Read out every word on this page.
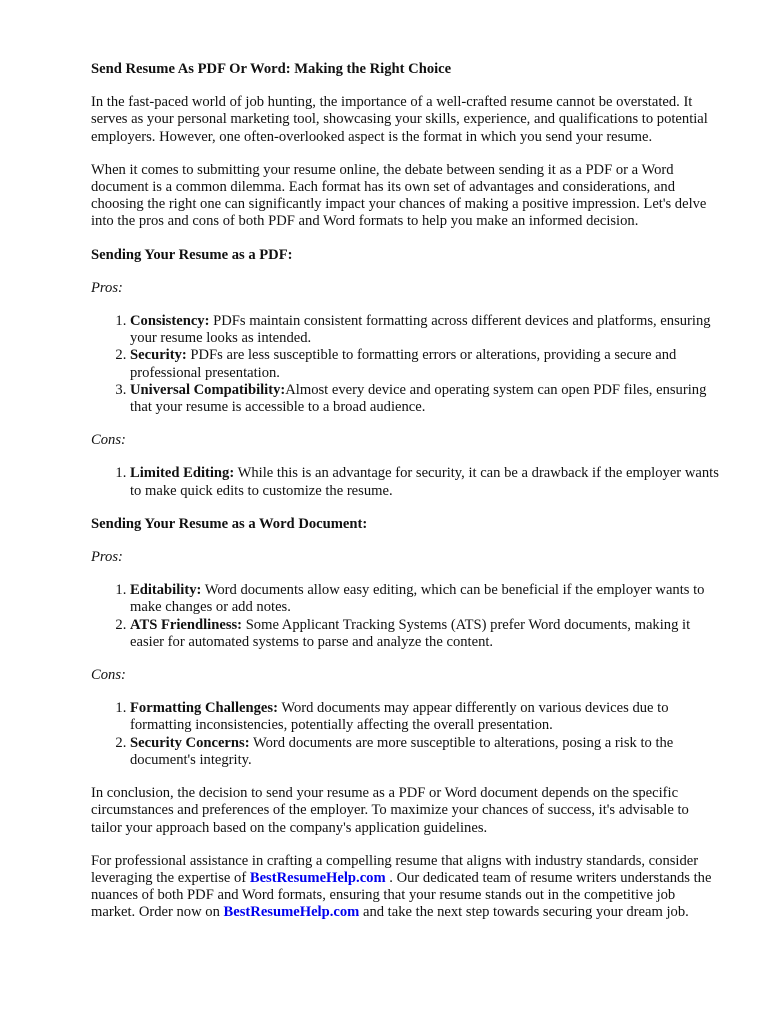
Send Resume As PDF Or Word: Making the Right Choice

In the fast-paced world of job hunting, the importance of a well-crafted resume cannot be overstated. It serves as your personal marketing tool, showcasing your skills, experience, and qualifications to potential employers. However, one often-overlooked aspect is the format in which you send your resume.

When it comes to submitting your resume online, the debate between sending it as a PDF or a Word document is a common dilemma. Each format has its own set of advantages and considerations, and choosing the right one can significantly impact your chances of making a positive impression. Let's delve into the pros and cons of both PDF and Word formats to help you make an informed decision.

Sending Your Resume as a PDF:
Pros:
1. Consistency: PDFs maintain consistent formatting across different devices and platforms, ensuring your resume looks as intended.
2. Security: PDFs are less susceptible to formatting errors or alterations, providing a secure and professional presentation.
3. Universal Compatibility:Almost every device and operating system can open PDF files, ensuring that your resume is accessible to a broad audience.
Cons:
1. Limited Editing: While this is an advantage for security, it can be a drawback if the employer wants to make quick edits to customize the resume.
Sending Your Resume as a Word Document:
Pros:
1. Editability: Word documents allow easy editing, which can be beneficial if the employer wants to make changes or add notes.
2. ATS Friendliness: Some Applicant Tracking Systems (ATS) prefer Word documents, making it easier for automated systems to parse and analyze the content.
Cons:
1. Formatting Challenges: Word documents may appear differently on various devices due to formatting inconsistencies, potentially affecting the overall presentation.
2. Security Concerns: Word documents are more susceptible to alterations, posing a risk to the document's integrity.

In conclusion, the decision to send your resume as a PDF or Word document depends on the specific circumstances and preferences of the employer. To maximize your chances of success, it's advisable to tailor your approach based on the company's application guidelines.

For professional assistance in crafting a compelling resume that aligns with industry standards, consider leveraging the expertise of BestResumeHelp.com . Our dedicated team of resume writers understands the nuances of both PDF and Word formats, ensuring that your resume stands out in the competitive job market. Order now on BestResumeHelp.com and take the next step towards securing your dream job.
